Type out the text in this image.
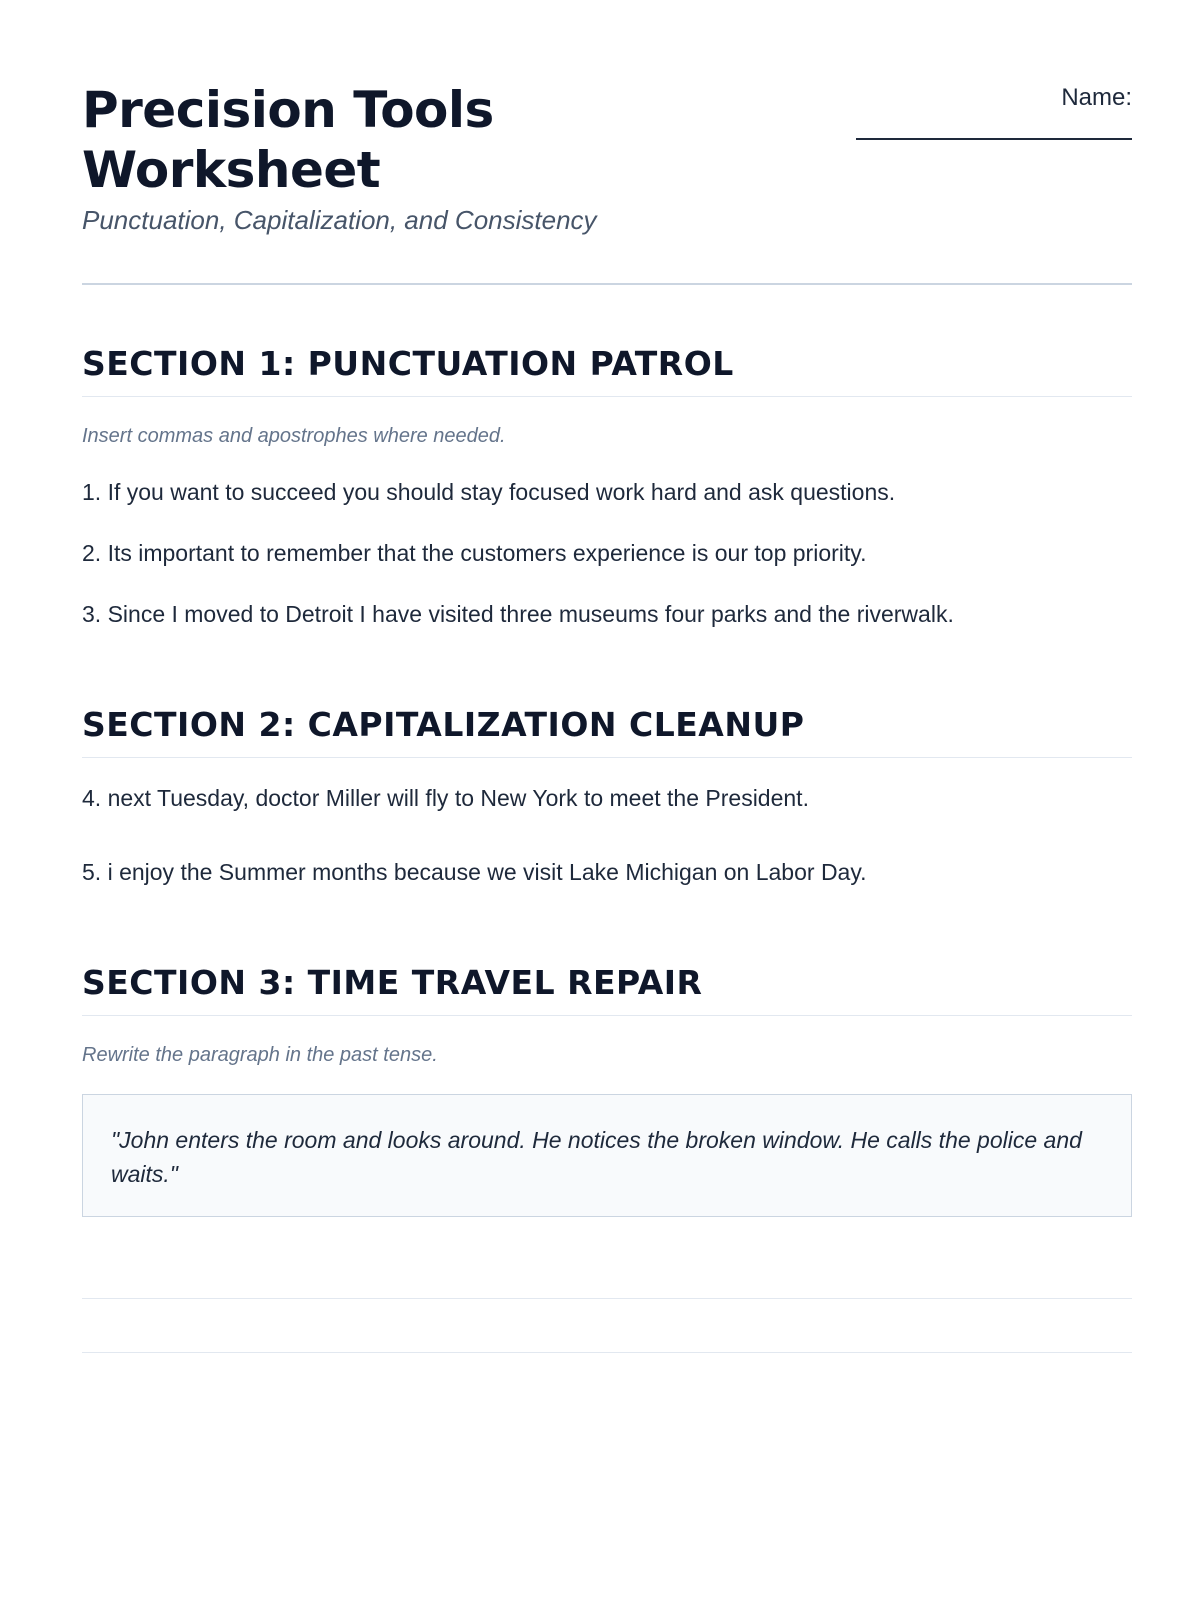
Precision Tools Worksheet
Punctuation, Capitalization, and Consistency
Name:
SECTION 1: PUNCTUATION PATROL
Insert commas and apostrophes where needed.
1. If you want to succeed you should stay focused work hard and ask questions.
2. Its important to remember that the customers experience is our top priority.
3. Since I moved to Detroit I have visited three museums four parks and the riverwalk.
SECTION 2: CAPITALIZATION CLEANUP
4. next Tuesday, doctor Miller will fly to New York to meet the President.
5. i enjoy the Summer months because we visit Lake Michigan on Labor Day.
SECTION 3: TIME TRAVEL REPAIR
Rewrite the paragraph in the past tense.
"John enters the room and looks around. He notices the broken window. He calls the police and waits."
